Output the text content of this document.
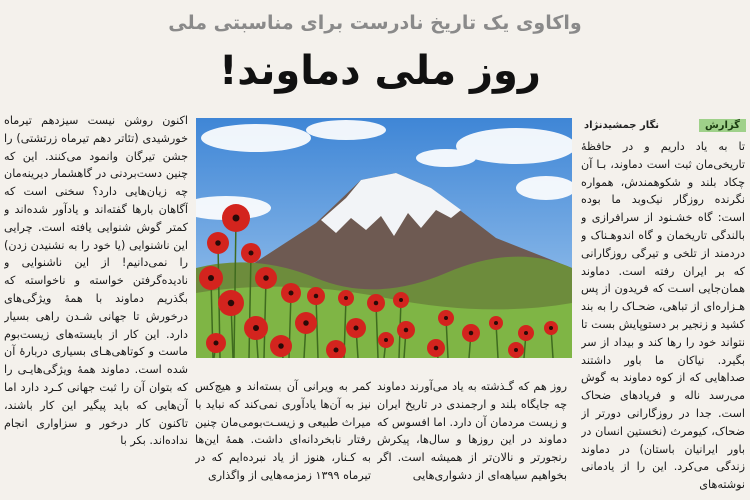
واکاوی یک تاریخ نادرست برای مناسبتی ملی
روز ملی دماوند!
گزارش
نگار جمشیدنژاد

تا به یاد داریم و در حافظهٔ تاریخی‌مان ثبت است دماوند، بـا آن چکاد بلند و شکوهمندش، همواره نگرنده روزگار نیک‌وبد ما بوده است: گاه خشـنود از سرافرازی و بالندگی تاریخمان و گاه اندوهـناک و دردمند از تلخی و تیرگی روزگارانی که بر ایران رفته است. دماوند همان‌جایی اسـت که فریدون از پس هـزاره‌ای از تباهی، ضحـاک را به بند کشید و زنجیر بر دستوپایش بست تا نتواند خود را رها کند و بیداد از سر بگیرد. نیاکان ما باور داشتند صداهایی که از کوه دماوند به گوش می‌رسد ناله و فریادهای ضحاک است. جدا در روزگارانی دورتر از ضحاک، کیومرث (نخستین انسان در باور ایرانیان باستان) در دماوند زندگی می‌کرد. این را از یادمانی نوشته‌های

اکنون روشن نیست سیزدهم تیرماه خورشیدی (تئاتر دهم تیرماه زرتشتی) را جشن تیرگان وانمود می‌کنند. این که چنین دست‌بردنی در گاهشمار دیرینه‌مان چه زیان‌هایی دارد؟ سخنی است که آگاهان بارها گفته‌اند و یادآور شده‌اند و کمتر گوش شنوایی یافته است. چرایی این ناشنوایی (یا خود را به نشنیدن زدن) را نمی‌دانیم! از این ناشنوایی و نادیده‌گرفتن خواسته و ناخواسته که بگذریم دماوند با همهٔ ویژگی‌های درخورش تا جهانی شـدن راهی بسیار دارد. این کار از بایسته‌های زیست‌بوم ماست و کوتاهی‌هـای بسیاری دربارهٔ آن شده است. دماوند همهٔ ویژگی‌هایـی را که بتوان آن را ثبت جهانی کـرد دارد اما آن‌هایی که باید پیگیر این کار باشند، تاکنون کار درخور و سزاواری انجام نداده‌اند. بکر با

روز هم که گـذشته به یاد می‌آورند دماوند چه جایگاه بلند و ارجمندی در تاریخ ایران و زیست مردمان آن دارد. اما افسوس که دماوند در این روزها و سال‌ها، پیکرش رنجورتر و نالان‌تر از همیشه است. اگر بخواهیم سیاهه‌ای از دشواری‌هایی

کمر به ویرانی آن بسته‌اند و هیچ‌کس نیز به آن‌ها یادآوری نمی‌کند که نباید با میراث طبیعی و زیسـت‌بومی‌مان چنین رفتار نابخردانه‌ای داشت. همهٔ این‌ها به کـنار، هنوز از یاد نبرده‌ایم که در تیرماه ۱۳۹۹ زمزمه‌هایی از واگذاری
